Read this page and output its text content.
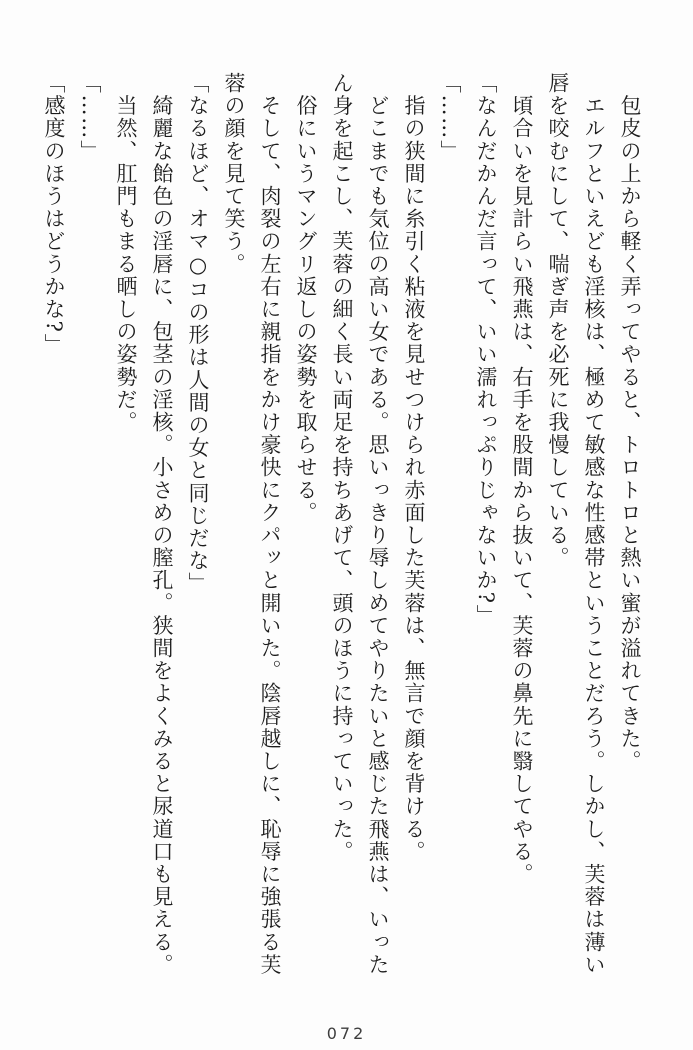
　包皮の上から軽く弄ってやると、トロトロと熱い蜜が溢れてきた。

　エルフといえども淫核は、極めて敏感な性感帯ということだろう。しかし、芙蓉は薄い

唇を咬むにして、喘ぎ声を必死に我慢している。

　頃合いを見計らい飛燕は、右手を股間から抜いて、芙蓉の鼻先に翳してやる。

「なんだかんだ言って、いい濡れっぷりじゃないか?」

「……」

　指の狭間に糸引く粘液を見せつけられ赤面した芙蓉は、無言で顔を背ける。

　どこまでも気位の高い女である。思いっきり辱しめてやりたいと感じた飛燕は、いった

ん身を起こし、芙蓉の細く長い両足を持ちあげて、頭のほうに持っていった。

　俗にいうマングリ返しの姿勢を取らせる。

　そして、肉裂の左右に親指をかけ豪快にクパッと開いた。陰唇越しに、恥辱に強張る芙

蓉の顔を見て笑う。

「なるほど、オマ○コの形は人間の女と同じだな」

　綺麗な飴色の淫唇に、包茎の淫核。小さめの膣孔。狭間をよくみると尿道口も見える。

　当然、肛門もまる晒しの姿勢だ。

「……」

「感度のほうはどうかな?」

072
